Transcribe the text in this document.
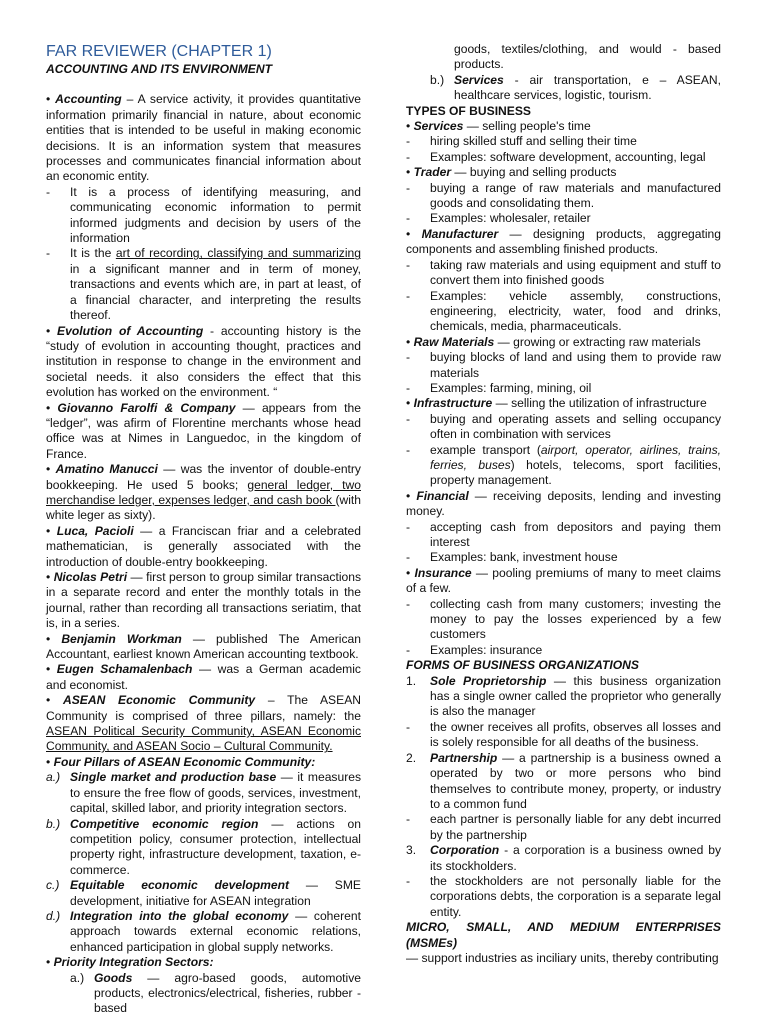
FAR REVIEWER (CHAPTER 1)
ACCOUNTING AND ITS ENVIRONMENT

• Accounting – A service activity, it provides quantitative information primarily financial in nature, about economic entities that is intended to be useful in making economic decisions. It is an information system that measures processes and communicates financial information about an economic entity.

-	It is a process of identifying measuring, and communicating economic information to permit informed judgments and decision by users of the information
-	It is the art of recording, classifying and summarizing in a significant manner and in term of money, transactions and events which are, in part at least, of a financial character, and interpreting the results thereof.

• Evolution of Accounting - accounting history is the “study of evolution in accounting thought, practices and institution in response to change in the environment and societal needs. it also considers the effect that this evolution has worked on the environment. “

• Giovanno Farolfi & Company — appears from the “ledger”, was afirm of Florentine merchants whose head office was at Nimes in Languedoc, in the kingdom of France.

• Amatino Manucci — was the inventor of double-entry bookkeeping. He used 5 books; general ledger, two merchandise ledger, expenses ledger, and cash book (with white leger as sixty).

• Luca, Pacioli — a Franciscan friar and a celebrated mathematician, is generally associated with the introduction of double-entry bookkeeping.

• Nicolas Petri — first person to group similar transactions in a separate record and enter the monthly totals in the journal, rather than recording all transactions seriatim, that is, in a series.

• Benjamin Workman — published The American Accountant, earliest known American accounting textbook.

• Eugen Schamalenbach — was a German academic and economist.

• ASEAN Economic Community – The ASEAN Community is comprised of three pillars, namely: the ASEAN Political Security Community, ASEAN Economic Community, and ASEAN Socio – Cultural Community.

• Four Pillars of ASEAN Economic Community:

a.) Single market and production base — it measures to ensure the free flow of goods, services, investment, capital, skilled labor, and priority integration sectors.
b.) Competitive economic region — actions on competition policy, consumer protection, intellectual property right, infrastructure development, taxation, e-commerce.
c.) Equitable economic development — SME development, initiative for ASEAN integration
d.) Integration into the global economy — coherent approach towards external economic relations, enhanced participation in global supply networks.

• Priority Integration Sectors:

a.) Goods — agro-based goods, automotive products, electronics/electrical, fisheries, rubber - based
goods, textiles/clothing, and would - based products.
b.) Services - air transportation, e – ASEAN, healthcare services, logistic, tourism.

TYPES OF BUSINESS

• Services — selling people's time

-	hiring skilled stuff and selling their time
-	Examples: software development, accounting, legal

• Trader — buying and selling products

-	buying a range of raw materials and manufactured goods and consolidating them.
-	Examples: wholesaler, retailer

• Manufacturer — designing products, aggregating components and assembling finished products.

-	taking raw materials and using equipment and stuff to convert them into finished goods
-	Examples: vehicle assembly, constructions, engineering, electricity, water, food and drinks, chemicals, media, pharmaceuticals.

• Raw Materials — growing or extracting raw materials

-	buying blocks of land and using them to provide raw materials
-	Examples: farming, mining, oil

• Infrastructure — selling the utilization of infrastructure

-	buying and operating assets and selling occupancy often in combination with services
-	example transport (airport, operator, airlines, trains, ferries, buses) hotels, telecoms, sport facilities, property management.

• Financial — receiving deposits, lending and investing money.

-	accepting cash from depositors and paying them interest
-	Examples: bank, investment house

• Insurance — pooling premiums of many to meet claims of a few.

-	collecting cash from many customers; investing the money to pay the losses experienced by a few customers
-	Examples: insurance

FORMS OF BUSINESS ORGANIZATIONS

1.	Sole Proprietorship — this business organization has a single owner called the proprietor who generally is also the manager
-	the owner receives all profits, observes all losses and is solely responsible for all deaths of the business.
2.	Partnership — a partnership is a business owned a operated by two or more persons who bind themselves to contribute money, property, or industry to a common fund
-	each partner is personally liable for any debt incurred by the partnership
3.	Corporation - a corporation is a business owned by its stockholders.
-	the stockholders are not personally liable for the corporations debts, the corporation is a separate legal entity.

MICRO, SMALL, AND MEDIUM ENTERPRISES (MSMEs)

— support industries as inciliary units, thereby contributing
